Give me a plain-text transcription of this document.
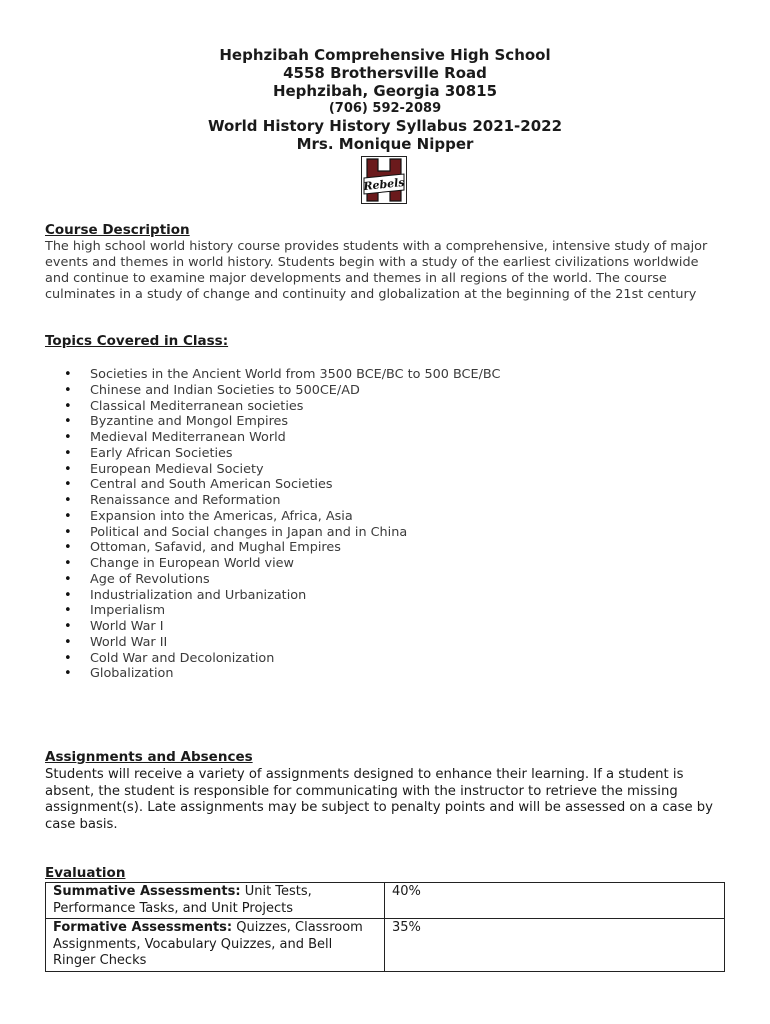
Hephzibah Comprehensive High School
4558 Brothersville Road
Hephzibah, Georgia 30815
(706) 592-2089
World History History Syllabus 2021-2022
Mrs. Monique Nipper
Rebels
Course Description
The high school world history course provides students with a comprehensive, intensive study of major events and themes in world history. Students begin with a study of the earliest civilizations worldwide and continue to examine major developments and themes in all regions of the world. The course culminates in a study of change and continuity and globalization at the beginning of the 21st century
Topics Covered in Class:
• Societies in the Ancient World from 3500 BCE/BC to 500 BCE/BC
• Chinese and Indian Societies to 500CE/AD
• Classical Mediterranean societies
• Byzantine and Mongol Empires
• Medieval Mediterranean World
• Early African Societies
• European Medieval Society
• Central and South American Societies
• Renaissance and Reformation
• Expansion into the Americas, Africa, Asia
• Political and Social changes in Japan and in China
• Ottoman, Safavid, and Mughal Empires
• Change in European World view
• Age of Revolutions
• Industrialization and Urbanization
• Imperialism
• World War I
• World War II
• Cold War and Decolonization
• Globalization
Assignments and Absences
Students will receive a variety of assignments designed to enhance their learning. If a student is absent, the student is responsible for communicating with the instructor to retrieve the missing assignment(s). Late assignments may be subject to penalty points and will be assessed on a case by case basis.
Evaluation
Summative Assessments: Unit Tests, Performance Tasks, and Unit Projects	40%
Formative Assessments: Quizzes, Classroom Assignments, Vocabulary Quizzes, and Bell Ringer Checks	35%
